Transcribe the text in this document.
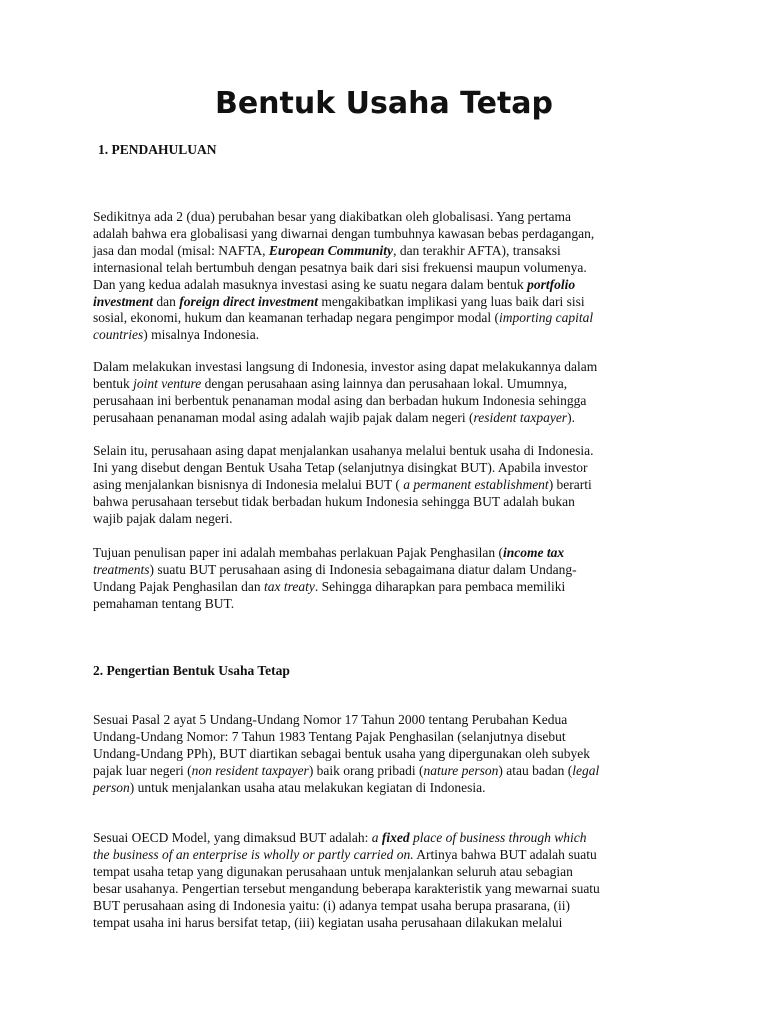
Bentuk Usaha Tetap
1. PENDAHULUAN

Sedikitnya ada 2 (dua) perubahan besar yang diakibatkan oleh globalisasi. Yang pertama
adalah bahwa era globalisasi yang diwarnai dengan tumbuhnya kawasan bebas perdagangan,
jasa dan modal (misal: NAFTA, European Community, dan terakhir AFTA), transaksi
internasional telah bertumbuh dengan pesatnya baik dari sisi frekuensi maupun volumenya.
Dan yang kedua adalah masuknya investasi asing ke suatu negara dalam bentuk portfolio
investment dan foreign direct investment mengakibatkan implikasi yang luas baik dari sisi
sosial, ekonomi, hukum dan keamanan terhadap negara pengimpor modal (importing capital
countries) misalnya Indonesia.

Dalam melakukan investasi langsung di Indonesia, investor asing dapat melakukannya dalam
bentuk joint venture dengan perusahaan asing lainnya dan perusahaan lokal. Umumnya,
perusahaan ini berbentuk penanaman modal asing dan berbadan hukum Indonesia sehingga
perusahaan penanaman modal asing adalah wajib pajak dalam negeri (resident taxpayer).

Selain itu, perusahaan asing dapat menjalankan usahanya melalui bentuk usaha di Indonesia.
Ini yang disebut dengan Bentuk Usaha Tetap (selanjutnya disingkat BUT). Apabila investor
asing menjalankan bisnisnya di Indonesia melalui BUT ( a permanent establishment) berarti
bahwa perusahaan tersebut tidak berbadan hukum Indonesia sehingga BUT adalah bukan
wajib pajak dalam negeri.

Tujuan penulisan paper ini adalah membahas perlakuan Pajak Penghasilan (income tax
treatments) suatu BUT perusahaan asing di Indonesia sebagaimana diatur dalam Undang-
Undang Pajak Penghasilan dan tax treaty. Sehingga diharapkan para pembaca memiliki
pemahaman tentang BUT.

2. Pengertian Bentuk Usaha Tetap

Sesuai Pasal 2 ayat 5 Undang-Undang Nomor 17 Tahun 2000 tentang Perubahan Kedua
Undang-Undang Nomor: 7 Tahun 1983 Tentang Pajak Penghasilan (selanjutnya disebut
Undang-Undang PPh), BUT diartikan sebagai bentuk usaha yang dipergunakan oleh subyek
pajak luar negeri (non resident taxpayer) baik orang pribadi (nature person) atau badan (legal
person) untuk menjalankan usaha atau melakukan kegiatan di Indonesia.

Sesuai OECD Model, yang dimaksud BUT adalah: a fixed place of business through which
the business of an enterprise is wholly or partly carried on. Artinya bahwa BUT adalah suatu
tempat usaha tetap yang digunakan perusahaan untuk menjalankan seluruh atau sebagian
besar usahanya. Pengertian tersebut mengandung beberapa karakteristik yang mewarnai suatu
BUT perusahaan asing di Indonesia yaitu: (i) adanya tempat usaha berupa prasarana, (ii)
tempat usaha ini harus bersifat tetap, (iii) kegiatan usaha perusahaan dilakukan melalui
